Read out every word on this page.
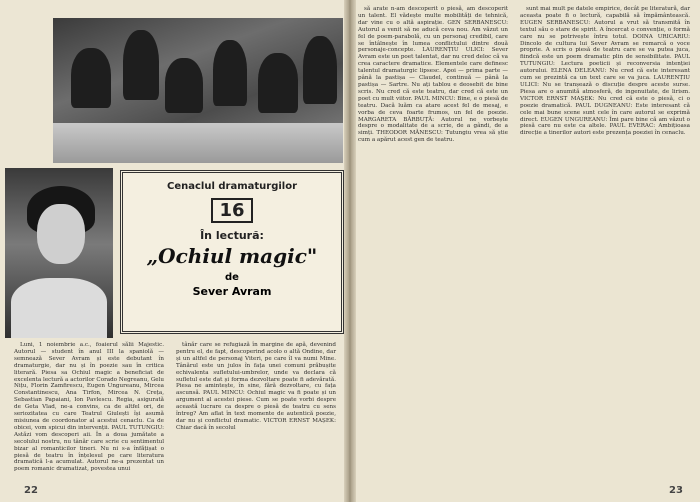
Cenaclul dramaturgilor
16
În lectură:
„Ochiul magic"
de
Sever Avram

Luni, 1 noiembrie a.c., foaierul sălii Majestic. Autorul — student în anul III la spaniolă — semnează Sever Avram și este debutant în dramaturgie, dar nu și în poezie sau în critica literară. Piesa sa Ochiul magic a beneficiat de excelenta lectură a actorilor Corado Negreanu, Gelu Nițu, Florin Zamfirescu, Eugen Ungureanu, Mircea Constantinescu, Ana Tirfon, Mircea N. Creța, Sebastian Papaiani, Ion Pavlescu. Regia, asigurată de Geta Vlad, ne-a convins, ca de altfel ori, de seriozitatea cu care Teatrul Giulești își asumă misiunea de coordonator al acestui cenaclu. Ca de obicei, vom spicui din intervenții. PAUL TUTUNGIU: Astăzi vom descoperi aii. În a doua jumătate a secolului nostru, nu tânăr care scrie cu sentimentul bizar al romanticilor tineri. Nu ni s-a înfățișat o piesă de teatru în înțelesul pe care literatura dramatică l-a acumulat. Autorul ne-a prezentat un poem romanic dramatizat, povestea unui

tânăr care se refugiază în margine de apă, devenind pentru el, de fapt, descoperind acolo o altă Ondine, dar și un altfel de personaj Viteri, pe care îl va numi Mine. Tânărul este un julos în fața unei comuni prăbușite echivalenta sufletului-umbrelor, unde va declara că sufletul este dat și forma dezvoltare poate fi adevărată. Piesa ne amintește, în sine, fără dezvoltare, cu fața ascunsă. PAUL MINCU: Ochiul magic va fi poate și un argument al acestei piese. Cum se poate vorbi despre această lucrare ca despre o piesă de teatru cu sens întreg? Am aflat în text momente de autentică poezie, dar nu și conflictul dramatic. VICTOR ERNST MAȘEK: Chiar dacă în secolul

22

să arate n-am descoperit o piesă, am descoperit un talent. El vădește multe mobilități de tehnică, dar vine cu o altă aspirație. GEN SERBANESCU: Autorul a venit să ne aducă ceva nou. Am văzut un fel de poem-parabolă, cu un personaj credibil, care se întâlnește în lumea conflictului dintre două personaje-concepte. LAURENȚIU ULICI: Sever Avram este un poet talentat, dar nu cred deloc că va crea caractere dramatice. Elementele care definesc talentul dramaturgic lipsesc. Apoi — prima parte — până la pastișa — Claudel, continuă — până la pastișa — Sartre. Nu ați tablou e deosebit de bine scris. Nu cred că este teatru, dar cred că este un poet cu mult viitor. PAUL MINCU: Bine, e o piesă de teatru. Dacă luăm ca atare acest fel de mesaj, e vorba de ceva foarte frumos, un fel de poezie. MARGARETA BĂRBUȚĂ: Autorul ne vorbește despre o modalitate de a scrie, de a gândi, de a simți. THEODOR MĂNESCU: Tutungiu vrea să știe cum a apărut acest gen de teatru.

sunt mai mult pe datele empirice, decât pe literatură, dar aceasta poate fi o lectură, capabilă să împământească. EUGEN SERBANESCU: Autorul a vrut să transmită în textul său o stare de spirit. A încercat o convenție, o formă care nu se potrivește întru totul. DOINA URICARIU: Dincolo de cultura lui Sever Avram se remarcă o voce proprie. A scris o piesă de teatru care se va putea juca, fiindcă este un poem dramatic plin de sensibilitate. PAUL TUTUNGIU: Lectura poeticii și reconversia intenției autorului. ELENA DELEANU: Nu cred că este interesant cum se prezintă ca un text care se va juca. LAURENȚIU ULICI: Nu se tranșează o discuție despre aceste surse. Piesa are o anumită atmosferă, de ingenuitate, de lirism. VICTOR ERNST MAȘEK: Nu cred că este o piesă, ci o poezie dramatică. PAUL DUGNEANU: Este interesant că cele mai bune scene sunt cele în care autorul se exprimă direct. EUGEN UNGUREANU: Îmi pare bine că am văzut o piesă care nu este ca altele. PAUL EVERAC: Ambițioasa direcție a tinerilor autori este prezența poeziei în cenaclu.

23
